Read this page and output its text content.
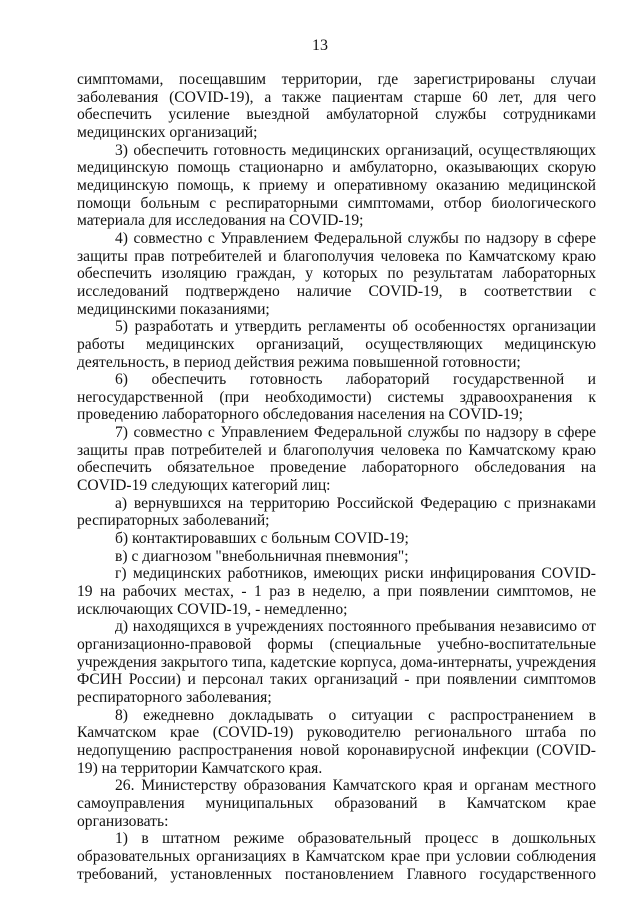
13

симптомами, посещавшим территории, где зарегистрированы случаи заболевания (COVID-19), а также пациентам старше 60 лет, для чего обеспечить усиление выездной амбулаторной службы сотрудниками медицинских организаций;

3) обеспечить готовность медицинских организаций, осуществляющих медицинскую помощь стационарно и амбулаторно, оказывающих скорую медицинскую помощь, к приему и оперативному оказанию медицинской помощи больным с респираторными симптомами, отбор биологического материала для исследования на COVID-19;

4) совместно с Управлением Федеральной службы по надзору в сфере защиты прав потребителей и благополучия человека по Камчатскому краю обеспечить изоляцию граждан, у которых по результатам лабораторных исследований подтверждено наличие COVID-19, в соответствии с медицинскими показаниями;

5) разработать и утвердить регламенты об особенностях организации работы медицинских организаций, осуществляющих медицинскую деятельность, в период действия режима повышенной готовности;

6) обеспечить готовность лабораторий государственной и негосударственной (при необходимости) системы здравоохранения к проведению лабораторного обследования населения на COVID-19;

7) совместно с Управлением Федеральной службы по надзору в сфере защиты прав потребителей и благополучия человека по Камчатскому краю обеспечить обязательное проведение лабораторного обследования на COVID-19 следующих категорий лиц:

а) вернувшихся на территорию Российской Федерацию с признаками респираторных заболеваний;

б) контактировавших с больным COVID-19;

в) с диагнозом "внебольничная пневмония";

г) медицинских работников, имеющих риски инфицирования COVID-19 на рабочих местах, - 1 раз в неделю, а при появлении симптомов, не исключающих COVID-19, - немедленно;

д) находящихся в учреждениях постоянного пребывания независимо от организационно-правовой формы (специальные учебно-воспитательные учреждения закрытого типа, кадетские корпуса, дома-интернаты, учреждения ФСИН России) и персонал таких организаций - при появлении симптомов респираторного заболевания;

8) ежедневно докладывать о ситуации с распространением в Камчатском крае (COVID-19) руководителю регионального штаба по недопущению распространения новой коронавирусной инфекции (COVID-19) на территории Камчатского края.

26. Министерству образования Камчатского края и органам местного самоуправления муниципальных образований в Камчатском крае организовать:

1) в штатном режиме образовательный процесс в дошкольных образовательных организациях в Камчатском крае при условии соблюдения требований, установленных постановлением Главного государственного
